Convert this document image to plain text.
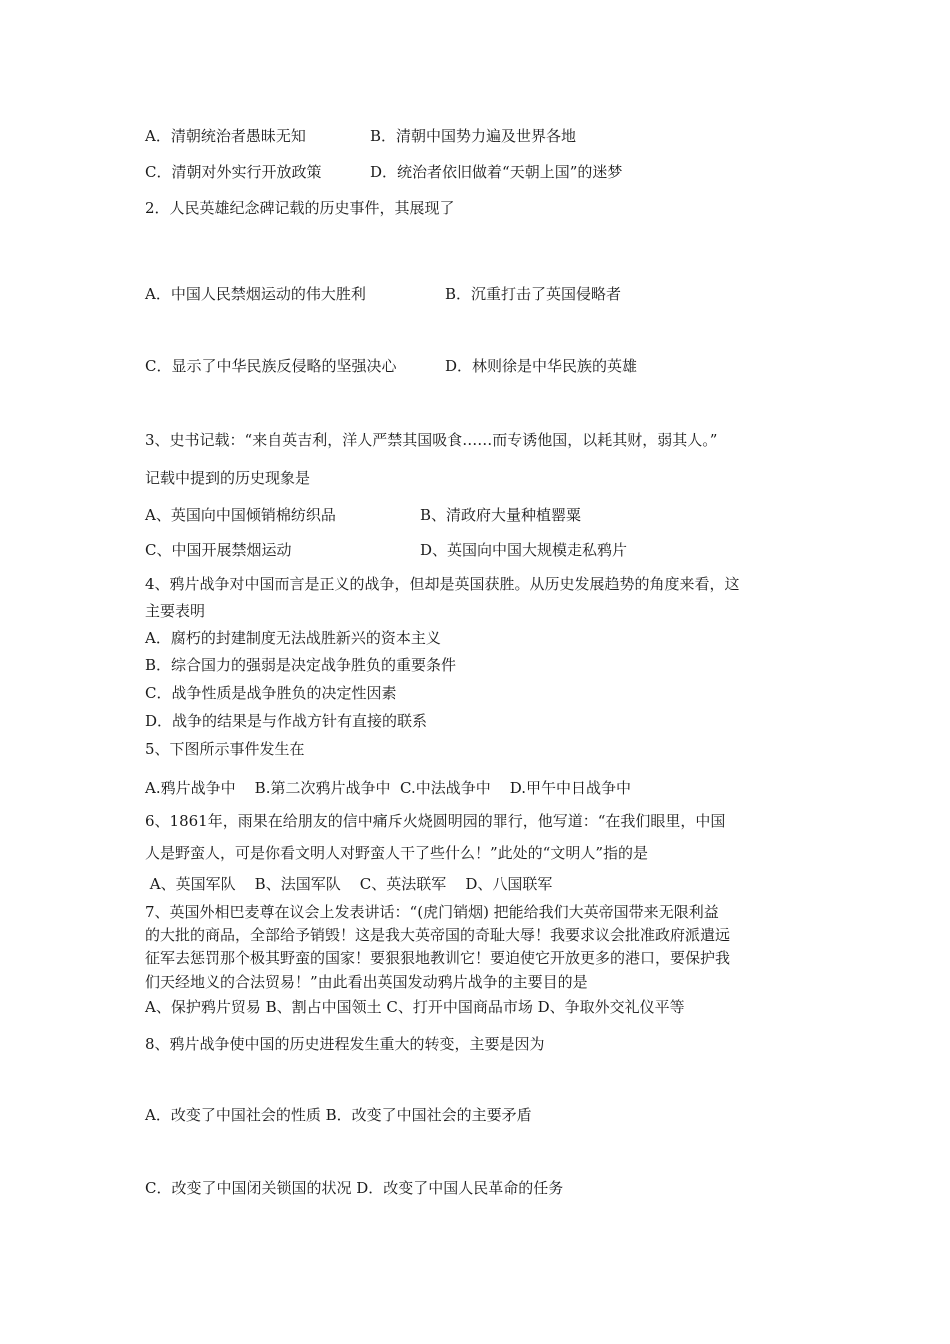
A．清朝统治者愚昧无知	B．清朝中国势力遍及世界各地
C．清朝对外实行开放政策	D．统治者依旧做着“天朝上国”的迷梦
2．人民英雄纪念碑记载的历史事件，其展现了
A．中国人民禁烟运动的伟大胜利	B．沉重打击了英国侵略者
C．显示了中华民族反侵略的坚强决心	D．林则徐是中华民族的英雄
3、史书记载：“来自英吉利，洋人严禁其国吸食……而专诱他国，以耗其财，弱其人。”
记载中提到的历史现象是
A、英国向中国倾销棉纺织品	B、清政府大量种植罂粟
C、中国开展禁烟运动	D、英国向中国大规模走私鸦片
4、鸦片战争对中国而言是正义的战争，但却是英国获胜。从历史发展趋势的角度来看，这
主要表明
A．腐朽的封建制度无法战胜新兴的资本主义
B．综合国力的强弱是决定战争胜负的重要条件
C．战争性质是战争胜负的决定性因素
D．战争的结果是与作战方针有直接的联系
5、下图所示事件发生在
A.鸦片战争中    B.第二次鸦片战争中  C.中法战争中    D.甲午中日战争中
6、1861年，雨果在给朋友的信中痛斥火烧圆明园的罪行，他写道：“在我们眼里，中国
人是野蛮人，可是你看文明人对野蛮人干了些什么！”此处的“文明人”指的是
A、英国军队    B、法国军队    C、英法联军    D、八国联军
7、英国外相巴麦尊在议会上发表讲话：“(虎门销烟) 把能给我们大英帝国带来无限利益
的大批的商品，全部给予销毁！这是我大英帝国的奇耻大辱！我要求议会批准政府派遣远
征军去惩罚那个极其野蛮的国家！要狠狠地教训它！要迫使它开放更多的港口，要保护我
们天经地义的合法贸易！”由此看出英国发动鸦片战争的主要目的是
A、保护鸦片贸易 B、割占中国领土 C、打开中国商品市场 D、争取外交礼仪平等
8、鸦片战争使中国的历史进程发生重大的转变，主要是因为
A．改变了中国社会的性质 B．改变了中国社会的主要矛盾
C．改变了中国闭关锁国的状况 D．改变了中国人民革命的任务
